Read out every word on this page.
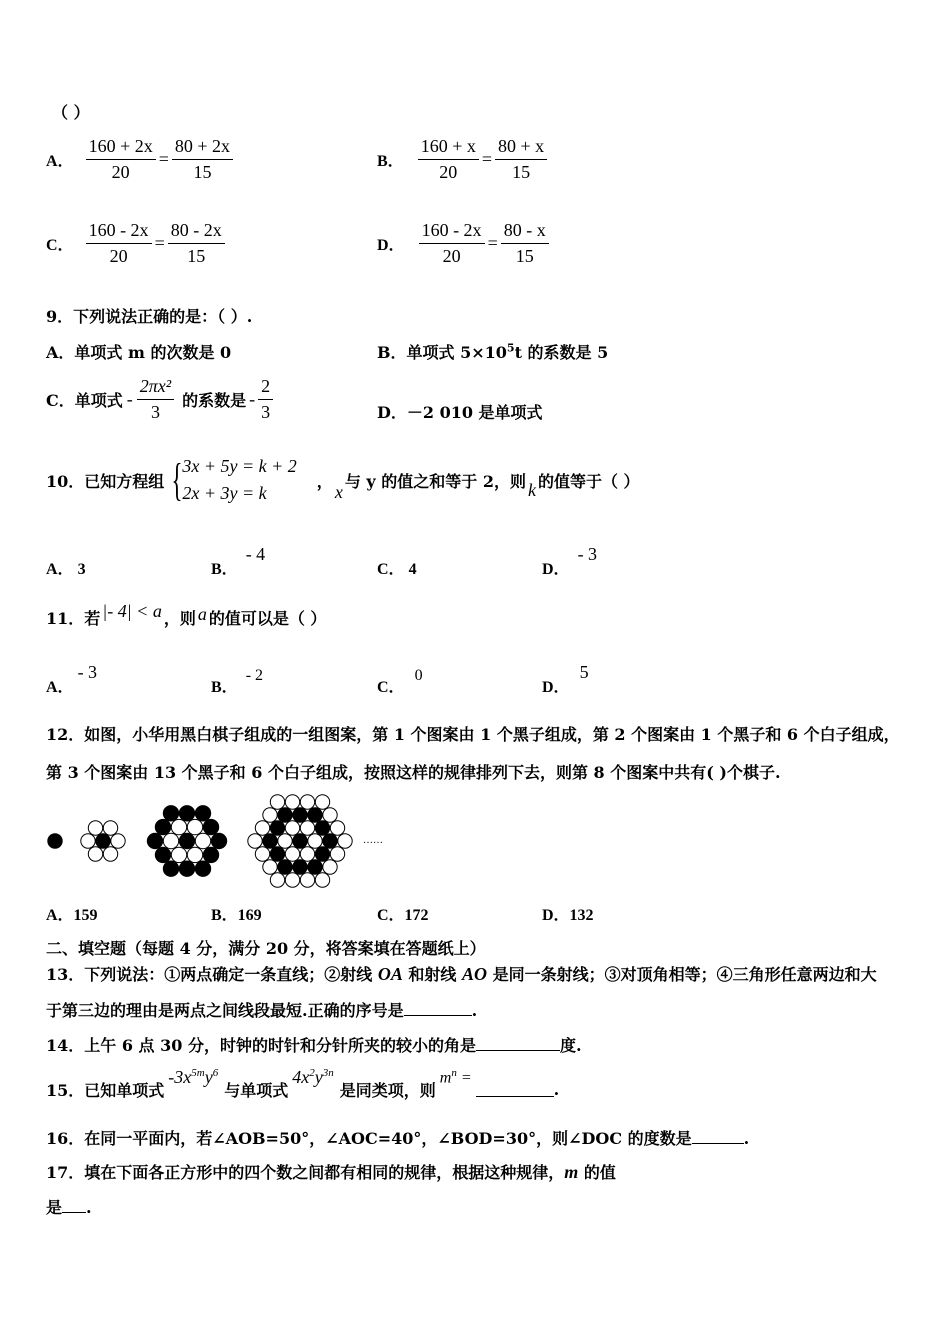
（ ）
A． $\frac{160 + 2x}{20} = \frac{80 + 2x}{15}$	B． $\frac{160 + x}{20} = \frac{80 + x}{15}$
C． $\frac{160 - 2x}{20} = \frac{80 - 2x}{15}$	D． $\frac{160 - 2x}{20} = \frac{80 - x}{15}$
9．下列说法正确的是：（ ）.
A．单项式 m 的次数是 0	B．单项式 $5\times 10^5t$ 的系数是 5
C．单项式 - $\frac{\text{2πx²}}{3}$ 的系数是 - $\frac{2}{3}$	D．－2 010 是单项式
10．已知方程组 { 3x + 5y = k + 2
2x + 3y = k
，
x
与 y 的值之和等于 2，则 k 的值等于（ ）
A． 3	B．- 4
C． 4	D．- 3
11．若 |- 4| < a ，则 a 的值可以是（ ）
A．- 3
B．- 2
C．0
D．5
12．如图，小华用黑白棋子组成的一组图案，第 1 个图案由 1 个黑子组成，第 2 个图案由 1 个黑子和 6 个白子组成，
第 3 个图案由 13 个黑子和 6 个白子组成，按照这样的规律排列下去，则第 8 个图案中共有( )个棋子.
……
A．159	B．169	C．172	D．132
二、填空题（每题 4 分，满分 20 分，将答案填在答题纸上）
13．下列说法：①两点确定一条直线；②射线 OA 和射线 AO 是同一条射线；③对顶角相等；④三角形任意两边和大
于第三边的理由是两点之间线段最短.正确的序号是	.
14．上午 6 点 30 分，时钟的时针和分针所夹的较小的角是	度.
15．已知单项式
$-3x^{5m}y^6$
与单项式
$4x^2y^{3n}$
是同类项，则
$m^n$ =
.
16．在同一平面内，若∠AOB=50°，∠AOC=40°，∠BOD=30°，则∠DOC 的度数是	.
17．填在下面各正方形中的四个数之间都有相同的规律，根据这种规律，m 的值
是 .
